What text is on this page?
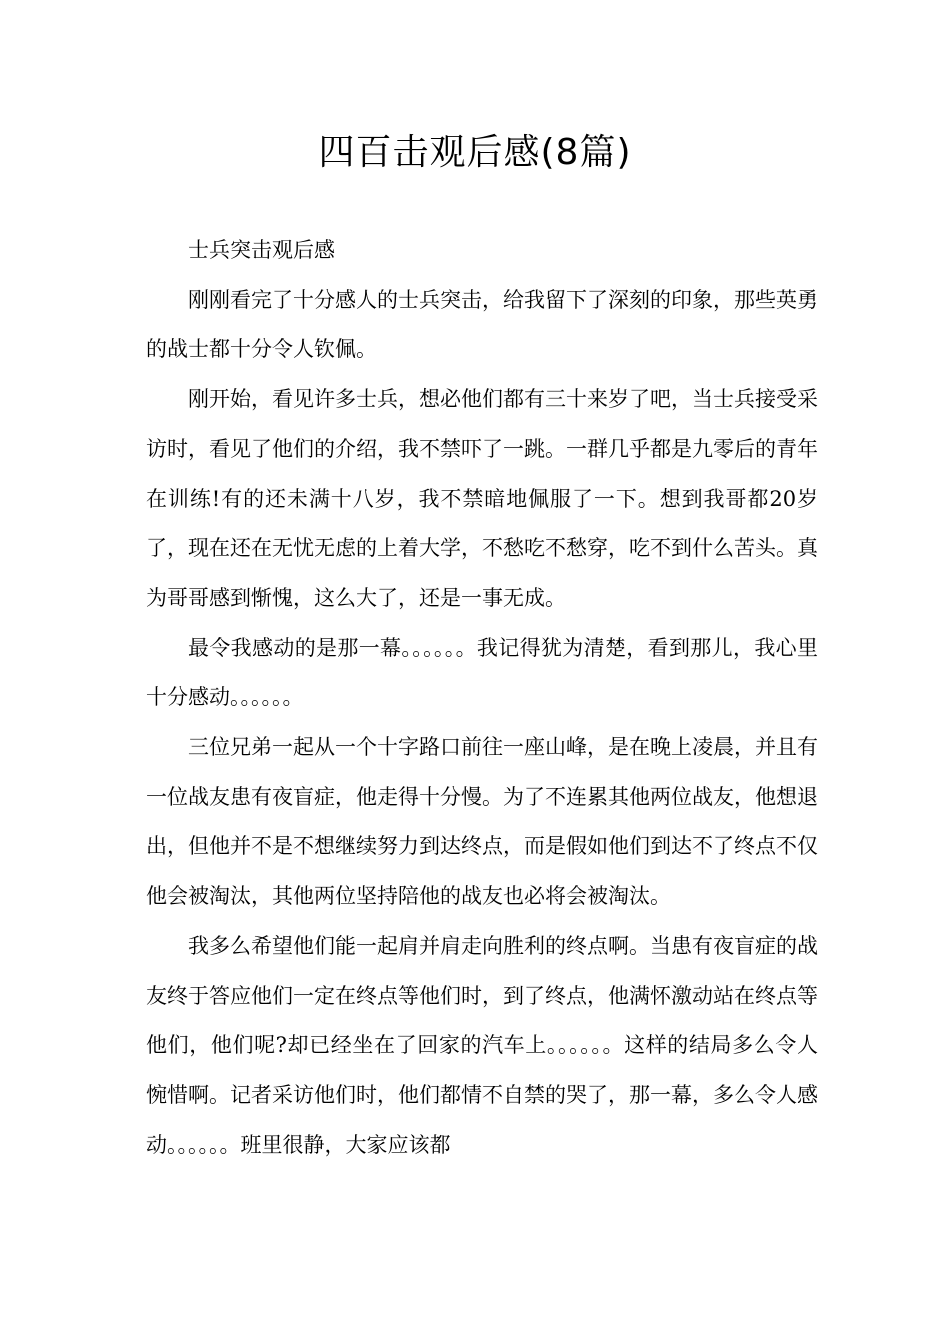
四百击观后感(8篇)

士兵突击观后感

刚刚看完了十分感人的士兵突击，给我留下了深刻的印象，那些英勇的战士都十分令人钦佩。

刚开始，看见许多士兵，想必他们都有三十来岁了吧，当士兵接受采访时，看见了他们的介绍，我不禁吓了一跳。一群几乎都是九零后的青年在训练!有的还未满十八岁，我不禁暗地佩服了一下。想到我哥都20岁了，现在还在无忧无虑的上着大学，不愁吃不愁穿，吃不到什么苦头。真为哥哥感到惭愧，这么大了，还是一事无成。

最令我感动的是那一幕。。。。。。我记得犹为清楚，看到那儿，我心里十分感动。。。。。。

三位兄弟一起从一个十字路口前往一座山峰，是在晚上凌晨，并且有一位战友患有夜盲症，他走得十分慢。为了不连累其他两位战友，他想退出，但他并不是不想继续努力到达终点，而是假如他们到达不了终点不仅他会被淘汰，其他两位坚持陪他的战友也必将会被淘汰。

我多么希望他们能一起肩并肩走向胜利的终点啊。当患有夜盲症的战友终于答应他们一定在终点等他们时，到了终点，他满怀激动站在终点等他们，他们呢?却已经坐在了回家的汽车上。。。。。。这样的结局多么令人惋惜啊。记者采访他们时，他们都情不自禁的哭了，那一幕，多么令人感动。。。。。。班里很静，大家应该都
